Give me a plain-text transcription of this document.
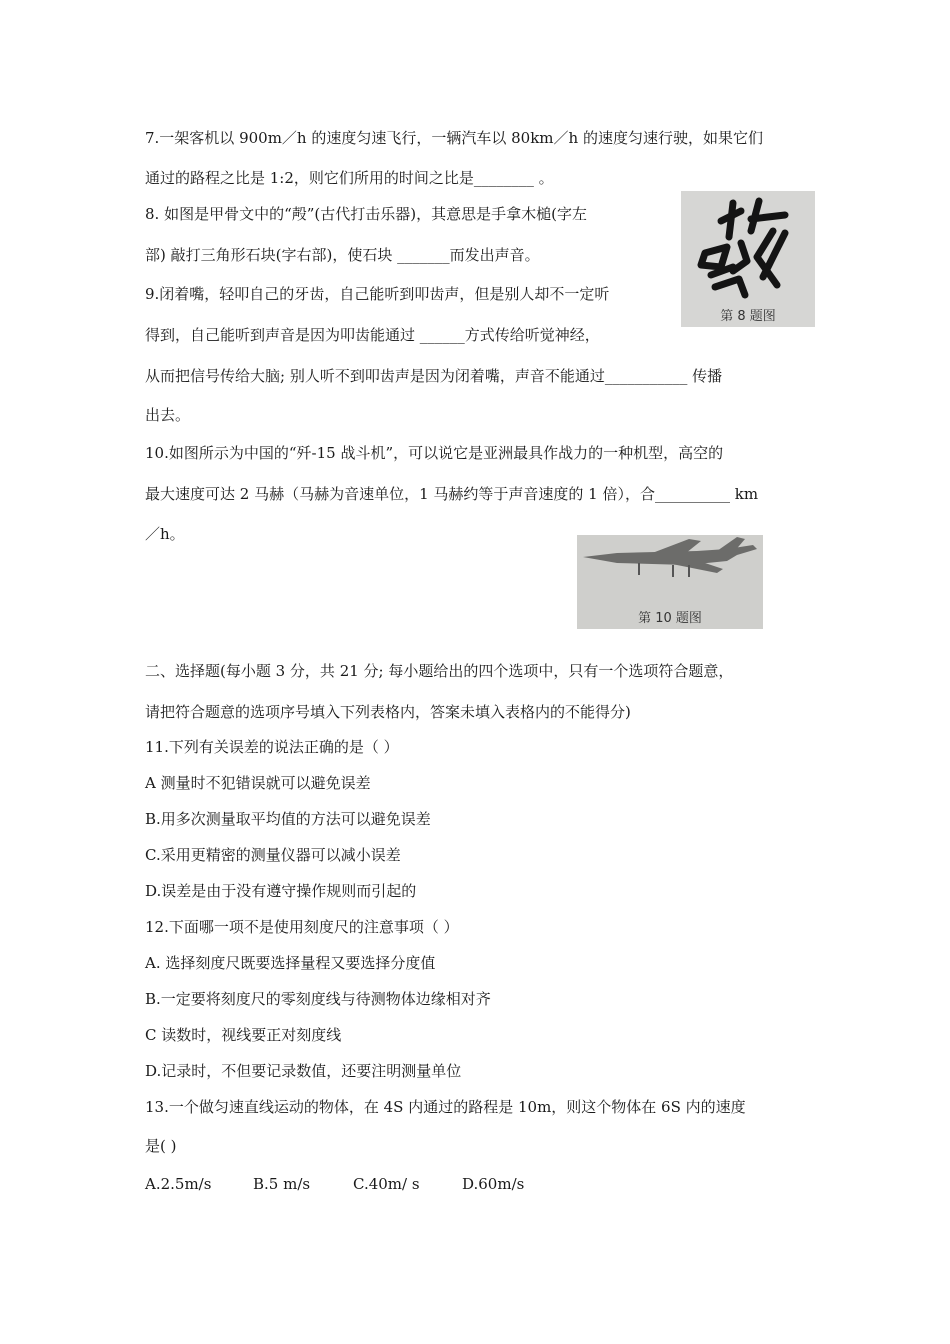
7.一架客机以 900m／h 的速度匀速飞行，一辆汽车以 80km／h 的速度匀速行驶，如果它们
通过的路程之比是 1:2，则它们所用的时间之比是________ 。
8. 如图是甲骨文中的“殸”(古代打击乐器)，其意思是手拿木槌(字左
部) 敲打三角形石块(字右部)，使石块 _______而发出声音。
第 8 题图
9.闭着嘴，轻叩自己的牙齿，自己能听到叩齿声，但是别人却不一定听
得到，自己能听到声音是因为叩齿能通过 ______方式传给听觉神经，
从而把信号传给大脑; 别人听不到叩齿声是因为闭着嘴，声音不能通过___________ 传播
出去。
10.如图所示为中国的“歼-15 战斗机”，可以说它是亚洲最具作战力的一种机型，高空的
最大速度可达 2 马赫（马赫为音速单位，1 马赫约等于声音速度的 1 倍），合__________ km
／h。
第 10 题图
二、选择题(每小题 3 分，共 21 分; 每小题给出的四个选项中，只有一个选项符合题意，
请把符合题意的选项序号填入下列表格内，答案未填入表格内的不能得分)
11.下列有关误差的说法正确的是（ ）
A 测量时不犯错误就可以避免误差
B.用多次测量取平均值的方法可以避免误差
C.采用更精密的测量仪器可以减小误差
D.误差是由于没有遵守操作规则而引起的
12.下面哪一项不是使用刻度尺的注意事项（ ）
A. 选择刻度尺既要选择量程又要选择分度值
B.一定要将刻度尺的零刻度线与待测物体边缘相对齐
C 读数时，视线要正对刻度线
D.记录时，不但要记录数值，还要注明测量单位
13.一个做匀速直线运动的物体，在 4S 内通过的路程是 10m，则这个物体在 6S 内的速度
是( )
A.2.5m/s	B.5 m/s	C.40m/ s	D.60m/s
